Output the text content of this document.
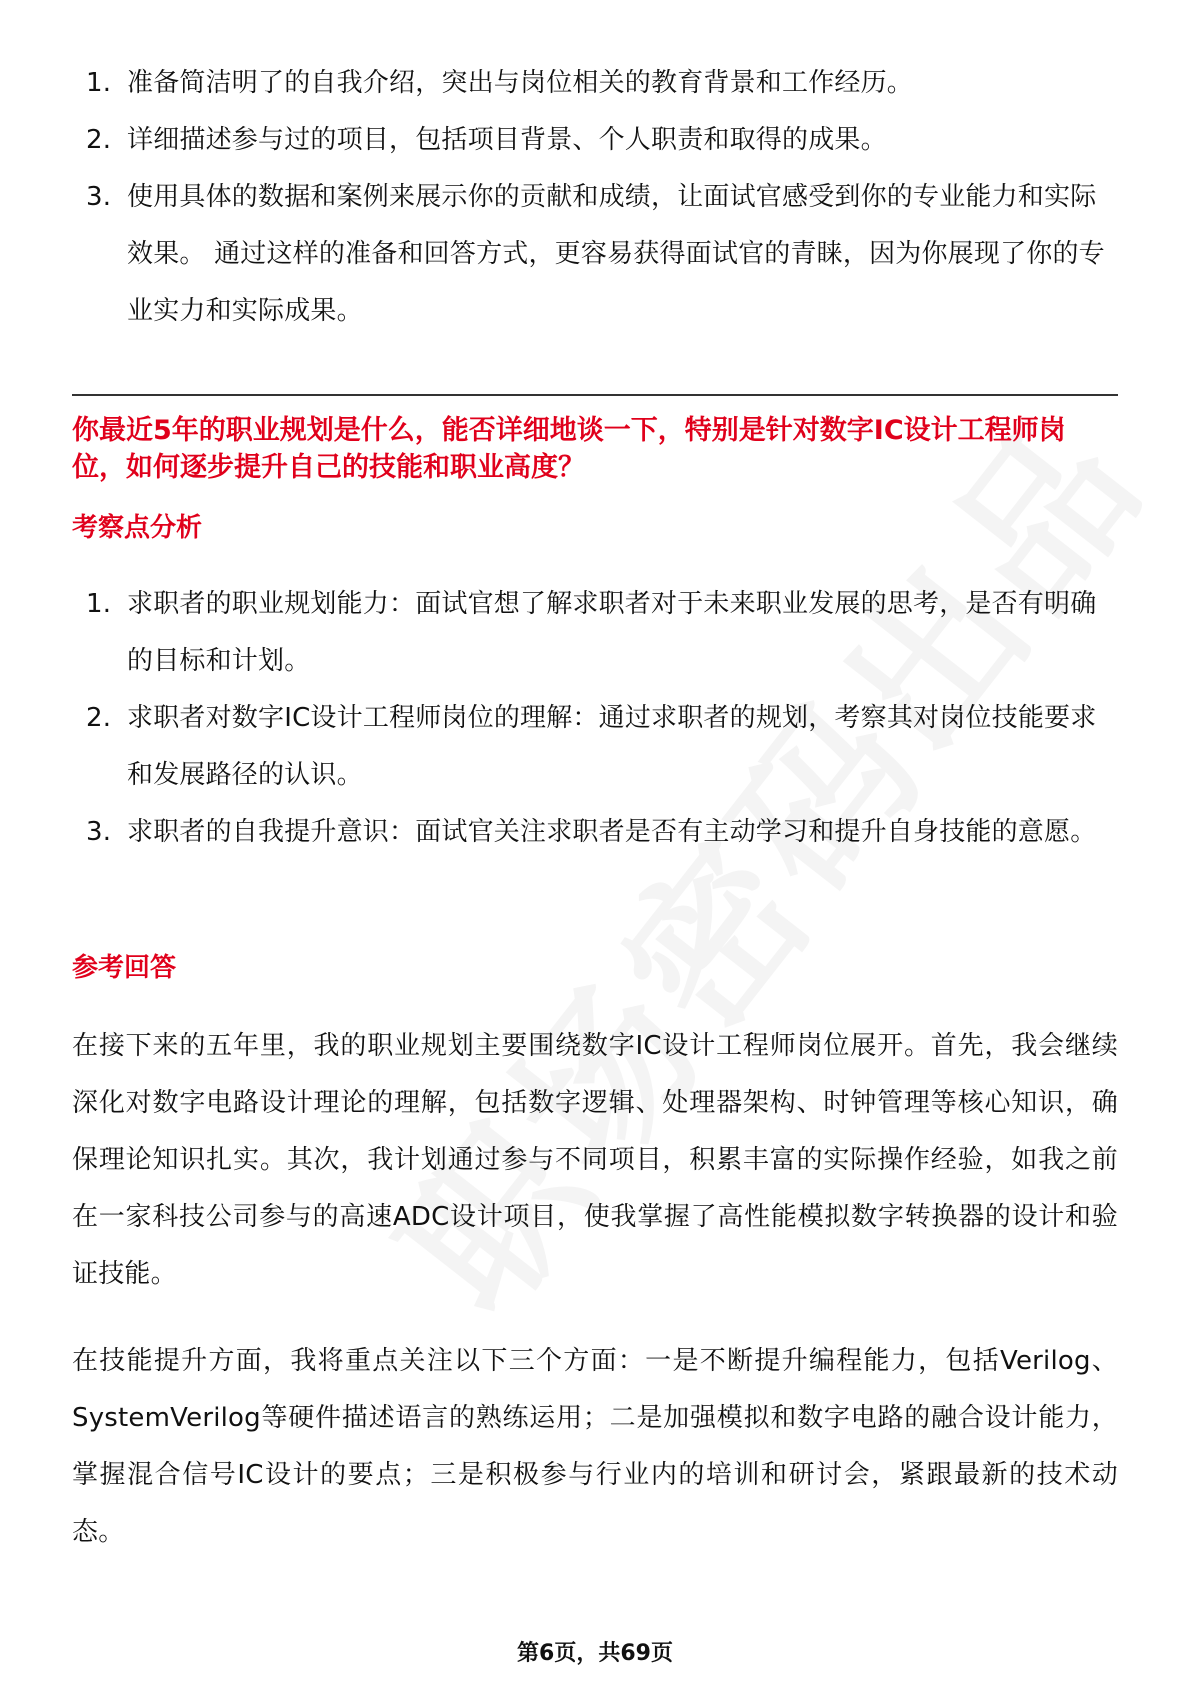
1. 准备简洁明了的自我介绍，突出与岗位相关的教育背景和工作经历。
2. 详细描述参与过的项目，包括项目背景、个人职责和取得的成果。
3. 使用具体的数据和案例来展示你的贡献和成绩，让面试官感受到你的专业能力和实际效果。 通过这样的准备和回答方式，更容易获得面试官的青睐，因为你展现了你的专业实力和实际成果。
你最近5年的职业规划是什么，能否详细地谈一下，特别是针对数字IC设计工程师岗位，如何逐步提升自己的技能和职业高度？
考察点分析
1. 求职者的职业规划能力：面试官想了解求职者对于未来职业发展的思考，是否有明确的目标和计划。
2. 求职者对数字IC设计工程师岗位的理解：通过求职者的规划，考察其对岗位技能要求和发展路径的认识。
3. 求职者的自我提升意识：面试官关注求职者是否有主动学习和提升自身技能的意愿。
参考回答

在接下来的五年里，我的职业规划主要围绕数字IC设计工程师岗位展开。首先，我会继续深化对数字电路设计理论的理解，包括数字逻辑、处理器架构、时钟管理等核心知识，确保理论知识扎实。其次，我计划通过参与不同项目，积累丰富的实际操作经验，如我之前在一家科技公司参与的高速ADC设计项目，使我掌握了高性能模拟数字转换器的设计和验证技能。

在技能提升方面，我将重点关注以下三个方面：一是不断提升编程能力，包括Verilog、SystemVerilog等硬件描述语言的熟练运用；二是加强模拟和数字电路的融合设计能力，掌握混合信号IC设计的要点；三是积极参与行业内的培训和研讨会，紧跟最新的技术动态。

第6页，共69页
